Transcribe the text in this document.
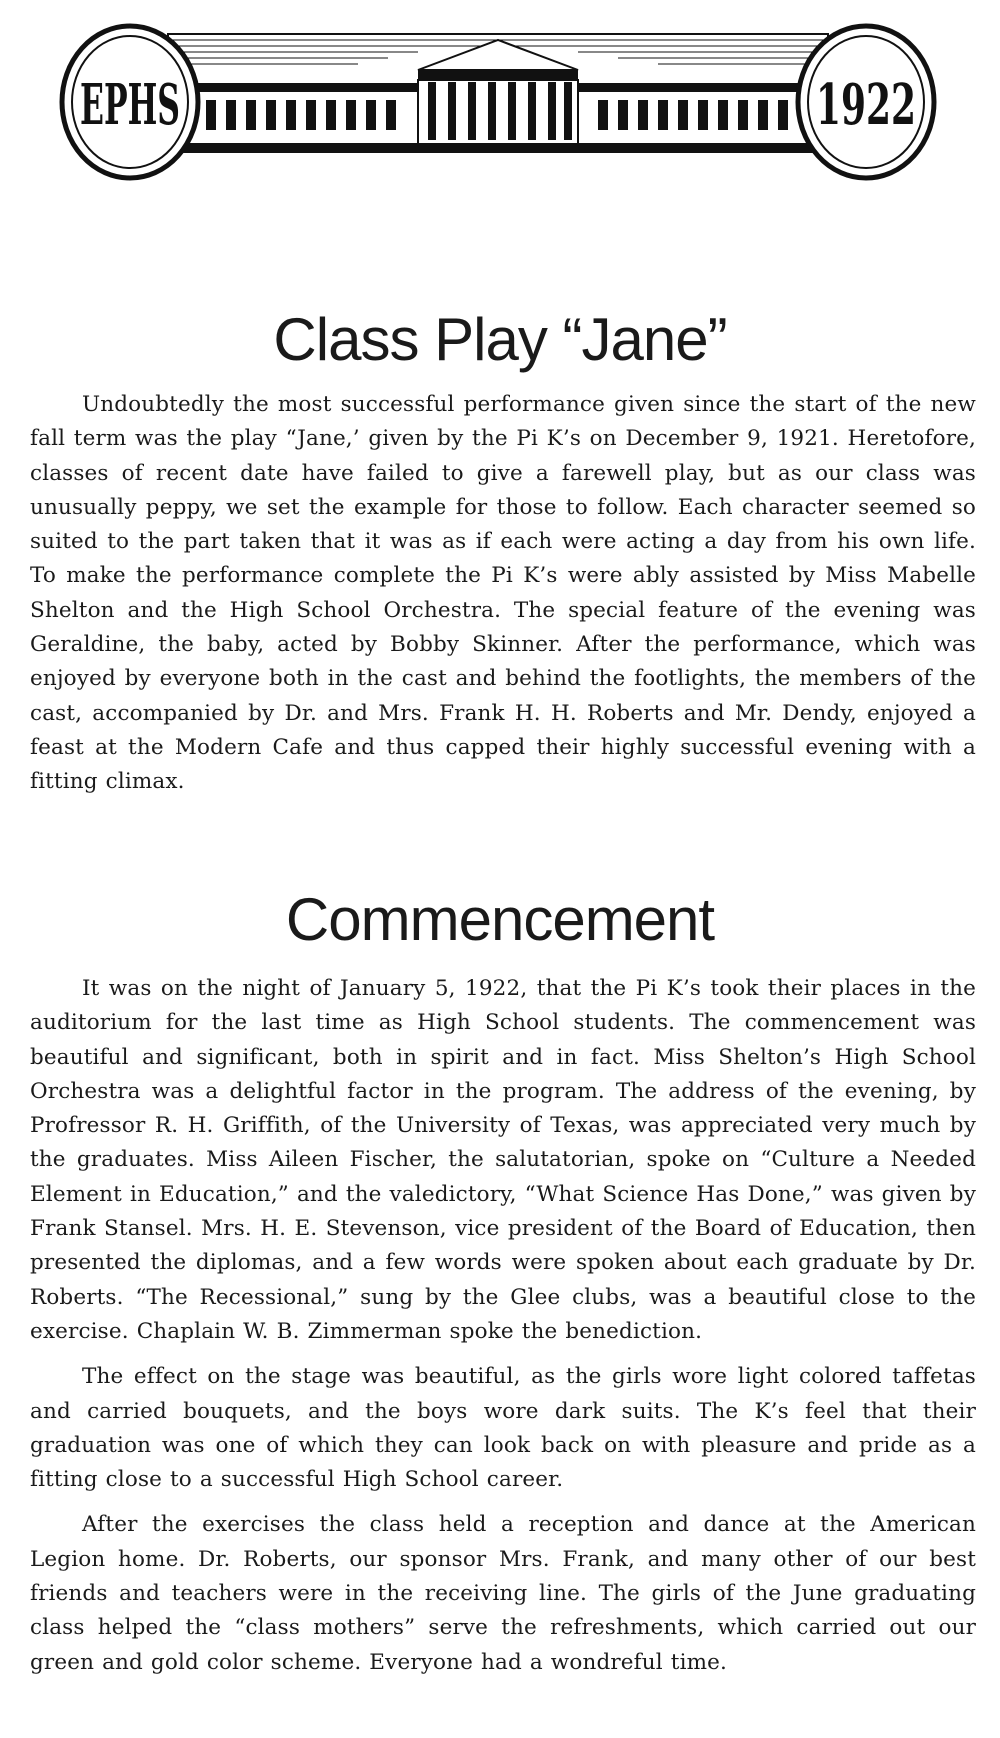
EPHS	1922
Class Play “Jane”

Undoubtedly the most successful performance given since the start of the new fall term was the play “Jane,’ given by the Pi K’s on December 9, 1921. Heretofore, classes of recent date have failed to give a farewell play, but as our class was unusually peppy, we set the example for those to follow. Each character seemed so suited to the part taken that it was as if each were acting a day from his own life. To make the performance complete the Pi K’s were ably assisted by Miss Mabelle Shelton and the High School Orchestra. The special feature of the evening was Geraldine, the baby, acted by Bobby Skinner. After the performance, which was enjoyed by everyone both in the cast and behind the footlights, the members of the cast, accompanied by Dr. and Mrs. Frank H. H. Roberts and Mr. Dendy, enjoyed a feast at the Modern Cafe and thus capped their highly successful evening with a fitting climax.

Commencement

It was on the night of January 5, 1922, that the Pi K’s took their places in the auditorium for the last time as High School students. The commencement was beautiful and significant, both in spirit and in fact. Miss Shelton’s High School Orchestra was a delightful factor in the program. The address of the evening, by Profressor R. H. Griffith, of the University of Texas, was appreciated very much by the graduates. Miss Aileen Fischer, the salutatorian, spoke on “Culture a Needed Element in Education,” and the valedictory, “What Science Has Done,” was given by Frank Stansel. Mrs. H. E. Stevenson, vice president of the Board of Education, then presented the diplomas, and a few words were spoken about each graduate by Dr. Roberts. “The Recessional,” sung by the Glee clubs, was a beautiful close to the exercise. Chaplain W. B. Zimmerman spoke the benediction.

The effect on the stage was beautiful, as the girls wore light colored taffetas and carried bouquets, and the boys wore dark suits. The K’s feel that their graduation was one of which they can look back on with pleasure and pride as a fitting close to a successful High School career.

After the exercises the class held a reception and dance at the American Legion home. Dr. Roberts, our sponsor Mrs. Frank, and many other of our best friends and teachers were in the receiving line. The girls of the June graduating class helped the “class mothers” serve the refreshments, which carried out our green and gold color scheme. Everyone had a wondreful time.
